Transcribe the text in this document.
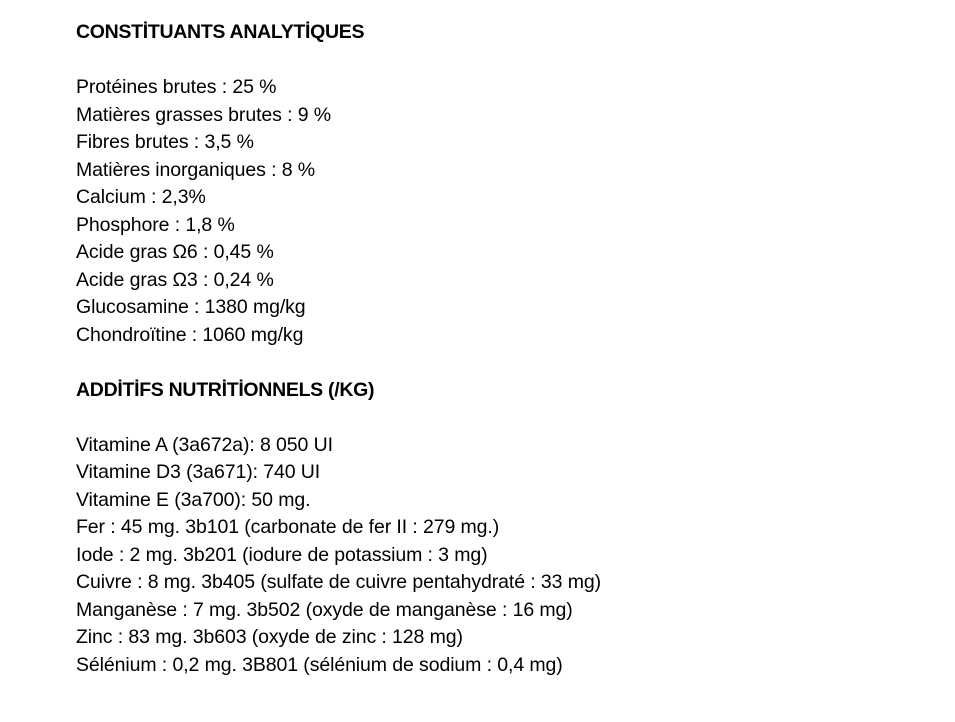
CONSTİTUANTS ANALYTİQUES
Protéines brutes : 25 %
Matières grasses brutes : 9 %
Fibres brutes : 3,5 %
Matières inorganiques : 8 %
Calcium : 2,3%
Phosphore : 1,8 %
Acide gras Ω6 : 0,45 %
Acide gras Ω3 : 0,24 %
Glucosamine : 1380 mg/kg
Chondroïtine : 1060 mg/kg
ADDİTİFS NUTRİTİONNELS (/KG)
Vitamine A (3a672a): 8 050 UI
Vitamine D3 (3a671): 740 UI
Vitamine E (3a700): 50 mg.
Fer : 45 mg. 3b101 (carbonate de fer II : 279 mg.)
Iode : 2 mg. 3b201 (iodure de potassium : 3 mg)
Cuivre : 8 mg. 3b405 (sulfate de cuivre pentahydraté : 33 mg)
Manganèse : 7 mg. 3b502 (oxyde de manganèse : 16 mg)
Zinc : 83 mg. 3b603 (oxyde de zinc : 128 mg)
Sélénium : 0,2 mg. 3B801 (sélénium de sodium : 0,4 mg)
